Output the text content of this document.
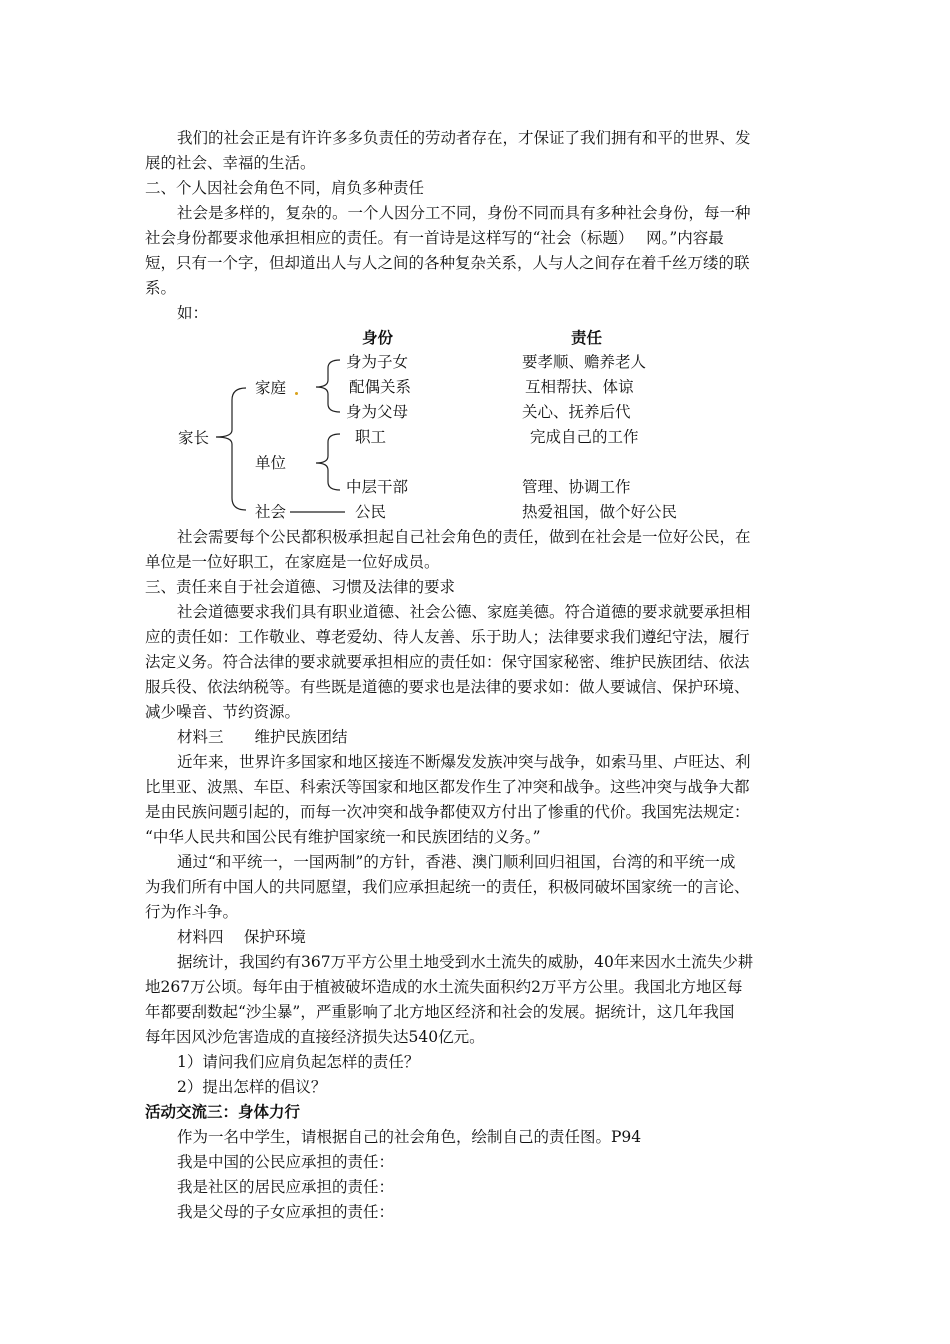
我们的社会正是有许许多多负责任的劳动者存在，才保证了我们拥有和平的世界、发
展的社会、幸福的生活。
二、个人因社会角色不同，肩负多种责任
社会是多样的，复杂的。一个人因分工不同，身份不同而具有多种社会身份，每一种
社会身份都要求他承担相应的责任。有一首诗是这样写的“社会（标题）　 网。”内容最
短，只有一个字，但却道出人与人之间的各种复杂关系，人与人之间存在着千丝万缕的联
系。
如：
身份	责任
家长
家庭
单位
社会
身为子女
配偶关系
身为父母
职工
中层干部
公民
要孝顺、赡养老人
互相帮扶、体谅
关心、抚养后代
完成自己的工作
管理、协调工作
热爱祖国，做个好公民
社会需要每个公民都积极承担起自己社会角色的责任，做到在社会是一位好公民，在
单位是一位好职工，在家庭是一位好成员。
三、责任来自于社会道德、习惯及法律的要求
社会道德要求我们具有职业道德、社会公德、家庭美德。符合道德的要求就要承担相
应的责任如：工作敬业、尊老爱幼、待人友善、乐于助人；法律要求我们遵纪守法，履行
法定义务。符合法律的要求就要承担相应的责任如：保守国家秘密、维护民族团结、依法
服兵役、依法纳税等。有些既是道德的要求也是法律的要求如：做人要诚信、保护环境、
减少噪音、节约资源。
材料三　　维护民族团结
近年来，世界许多国家和地区接连不断爆发发族冲突与战争，如索马里、卢旺达、利
比里亚、波黑、车臣、科索沃等国家和地区都发作生了冲突和战争。这些冲突与战争大都
是由民族问题引起的，而每一次冲突和战争都使双方付出了惨重的代价。我国宪法规定：
“中华人民共和国公民有维护国家统一和民族团结的义务。”
通过“和平统一，一国两制”的方针，香港、澳门顺利回归祖国，台湾的和平统一成
为我们所有中国人的共同愿望，我们应承担起统一的责任，积极同破坏国家统一的言论、
行为作斗争。
材料四　 保护环境
据统计，我国约有367万平方公里土地受到水土流失的威胁，40年来因水土流失少耕
地267万公顷。每年由于植被破坏造成的水土流失面积约2万平方公里。我国北方地区每
年都要刮数起“沙尘暴”，严重影响了北方地区经济和社会的发展。据统计，这几年我国
每年因风沙危害造成的直接经济损失达540亿元。
1）请问我们应肩负起怎样的责任？
2）提出怎样的倡议？
活动交流三：身体力行
作为一名中学生，请根据自己的社会角色，绘制自己的责任图。P94
我是中国的公民应承担的责任：
我是社区的居民应承担的责任：
我是父母的子女应承担的责任：
